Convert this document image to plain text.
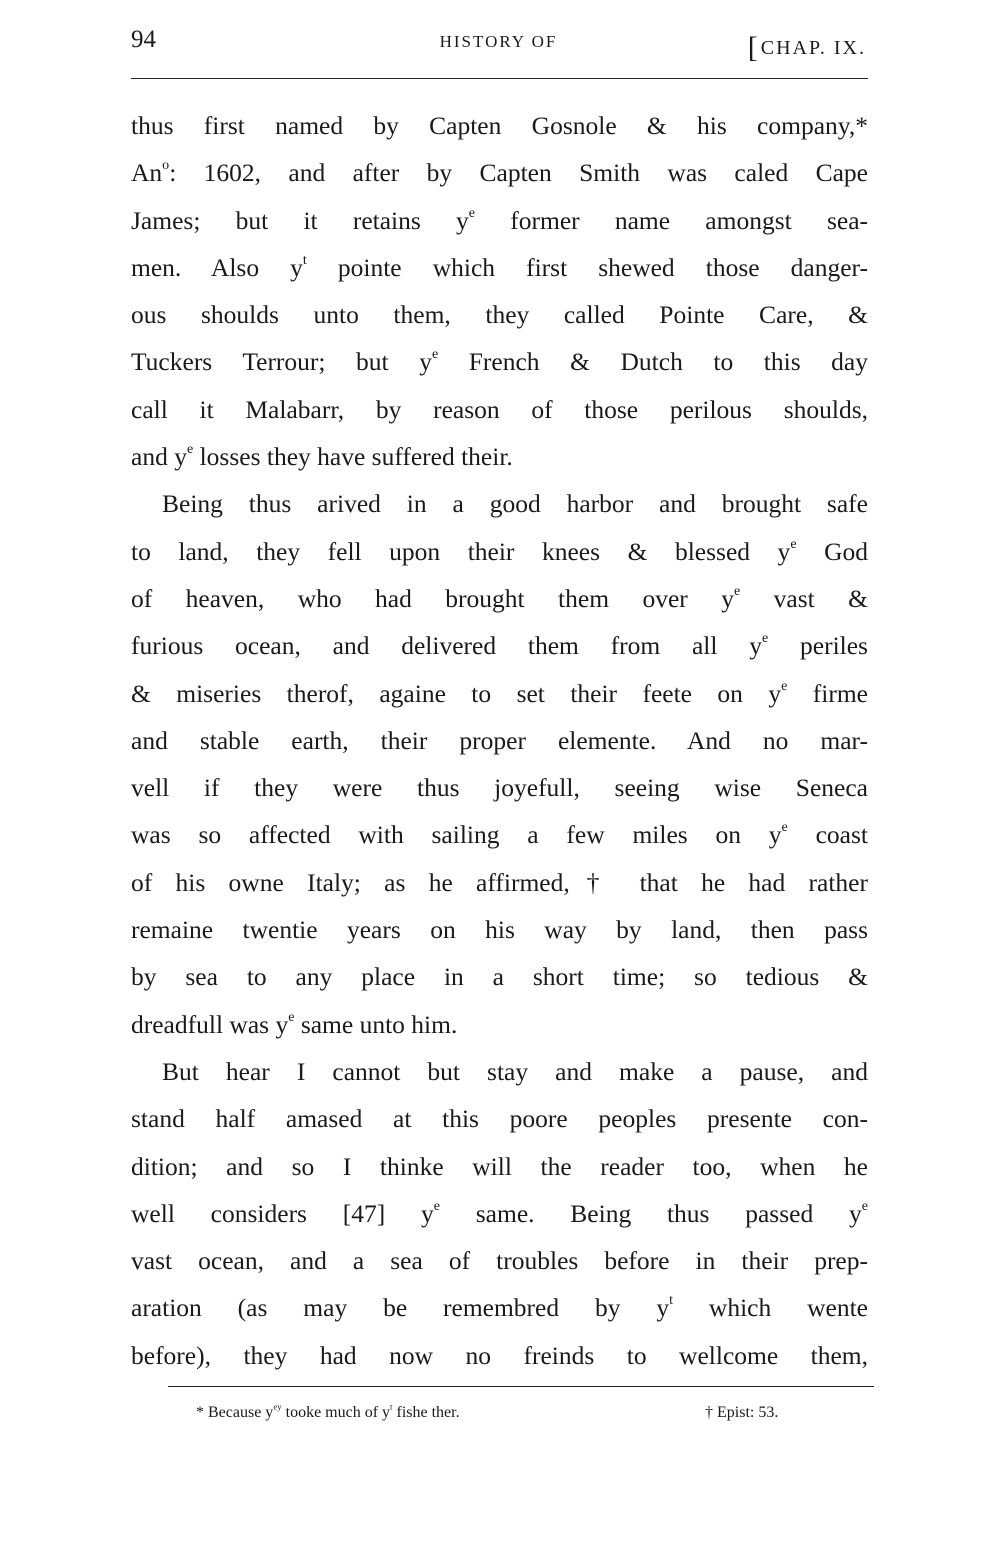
94	HISTORY OF	[CHAP. IX.
thus first named by Capten Gosnole & his company,*
An$^o$: 1602, and after by Capten Smith was caled Cape
James; but it retains $y^e$ former name amongst sea-
men. Also $y^t$ pointe which first shewed those danger-
ous shoulds unto them, they called Pointe Care, &
Tuckers Terrour; but $y^e$ French & Dutch to this day
call it Malabarr, by reason of those perilous shoulds,
and $y^e$ losses they have suffered their.
Being thus arived in a good harbor and brought safe
to land, they fell upon their knees & blessed $y^e$ God
of heaven, who had brought them over $y^e$ vast &
furious ocean, and delivered them from all $y^e$ periles
& miseries therof, againe to set their feete on $y^e$ firme
and stable earth, their proper elemente. And no mar-
vell if they were thus joyefull, seeing wise Seneca
was so affected with sailing a few miles on $y^e$ coast
of his owne Italy; as he affirmed,† that he had rather
remaine twentie years on his way by land, then pass
by sea to any place in a short time; so tedious &
dreadfull was $y^e$ same unto him.
But hear I cannot but stay and make a pause, and
stand half amased at this poore peoples presente con-
dition; and so I thinke will the reader too, when he
well considers [47] $y^e$ same. Being thus passed $y^e$
vast ocean, and a sea of troubles before in their prep-
aration (as may be remembred by $y^t$ which wente
before), they had now no freinds to wellcome them,
* Because $y^{ey}$ tooke much of $y^t$ fishe ther.	† Epist: 53.
